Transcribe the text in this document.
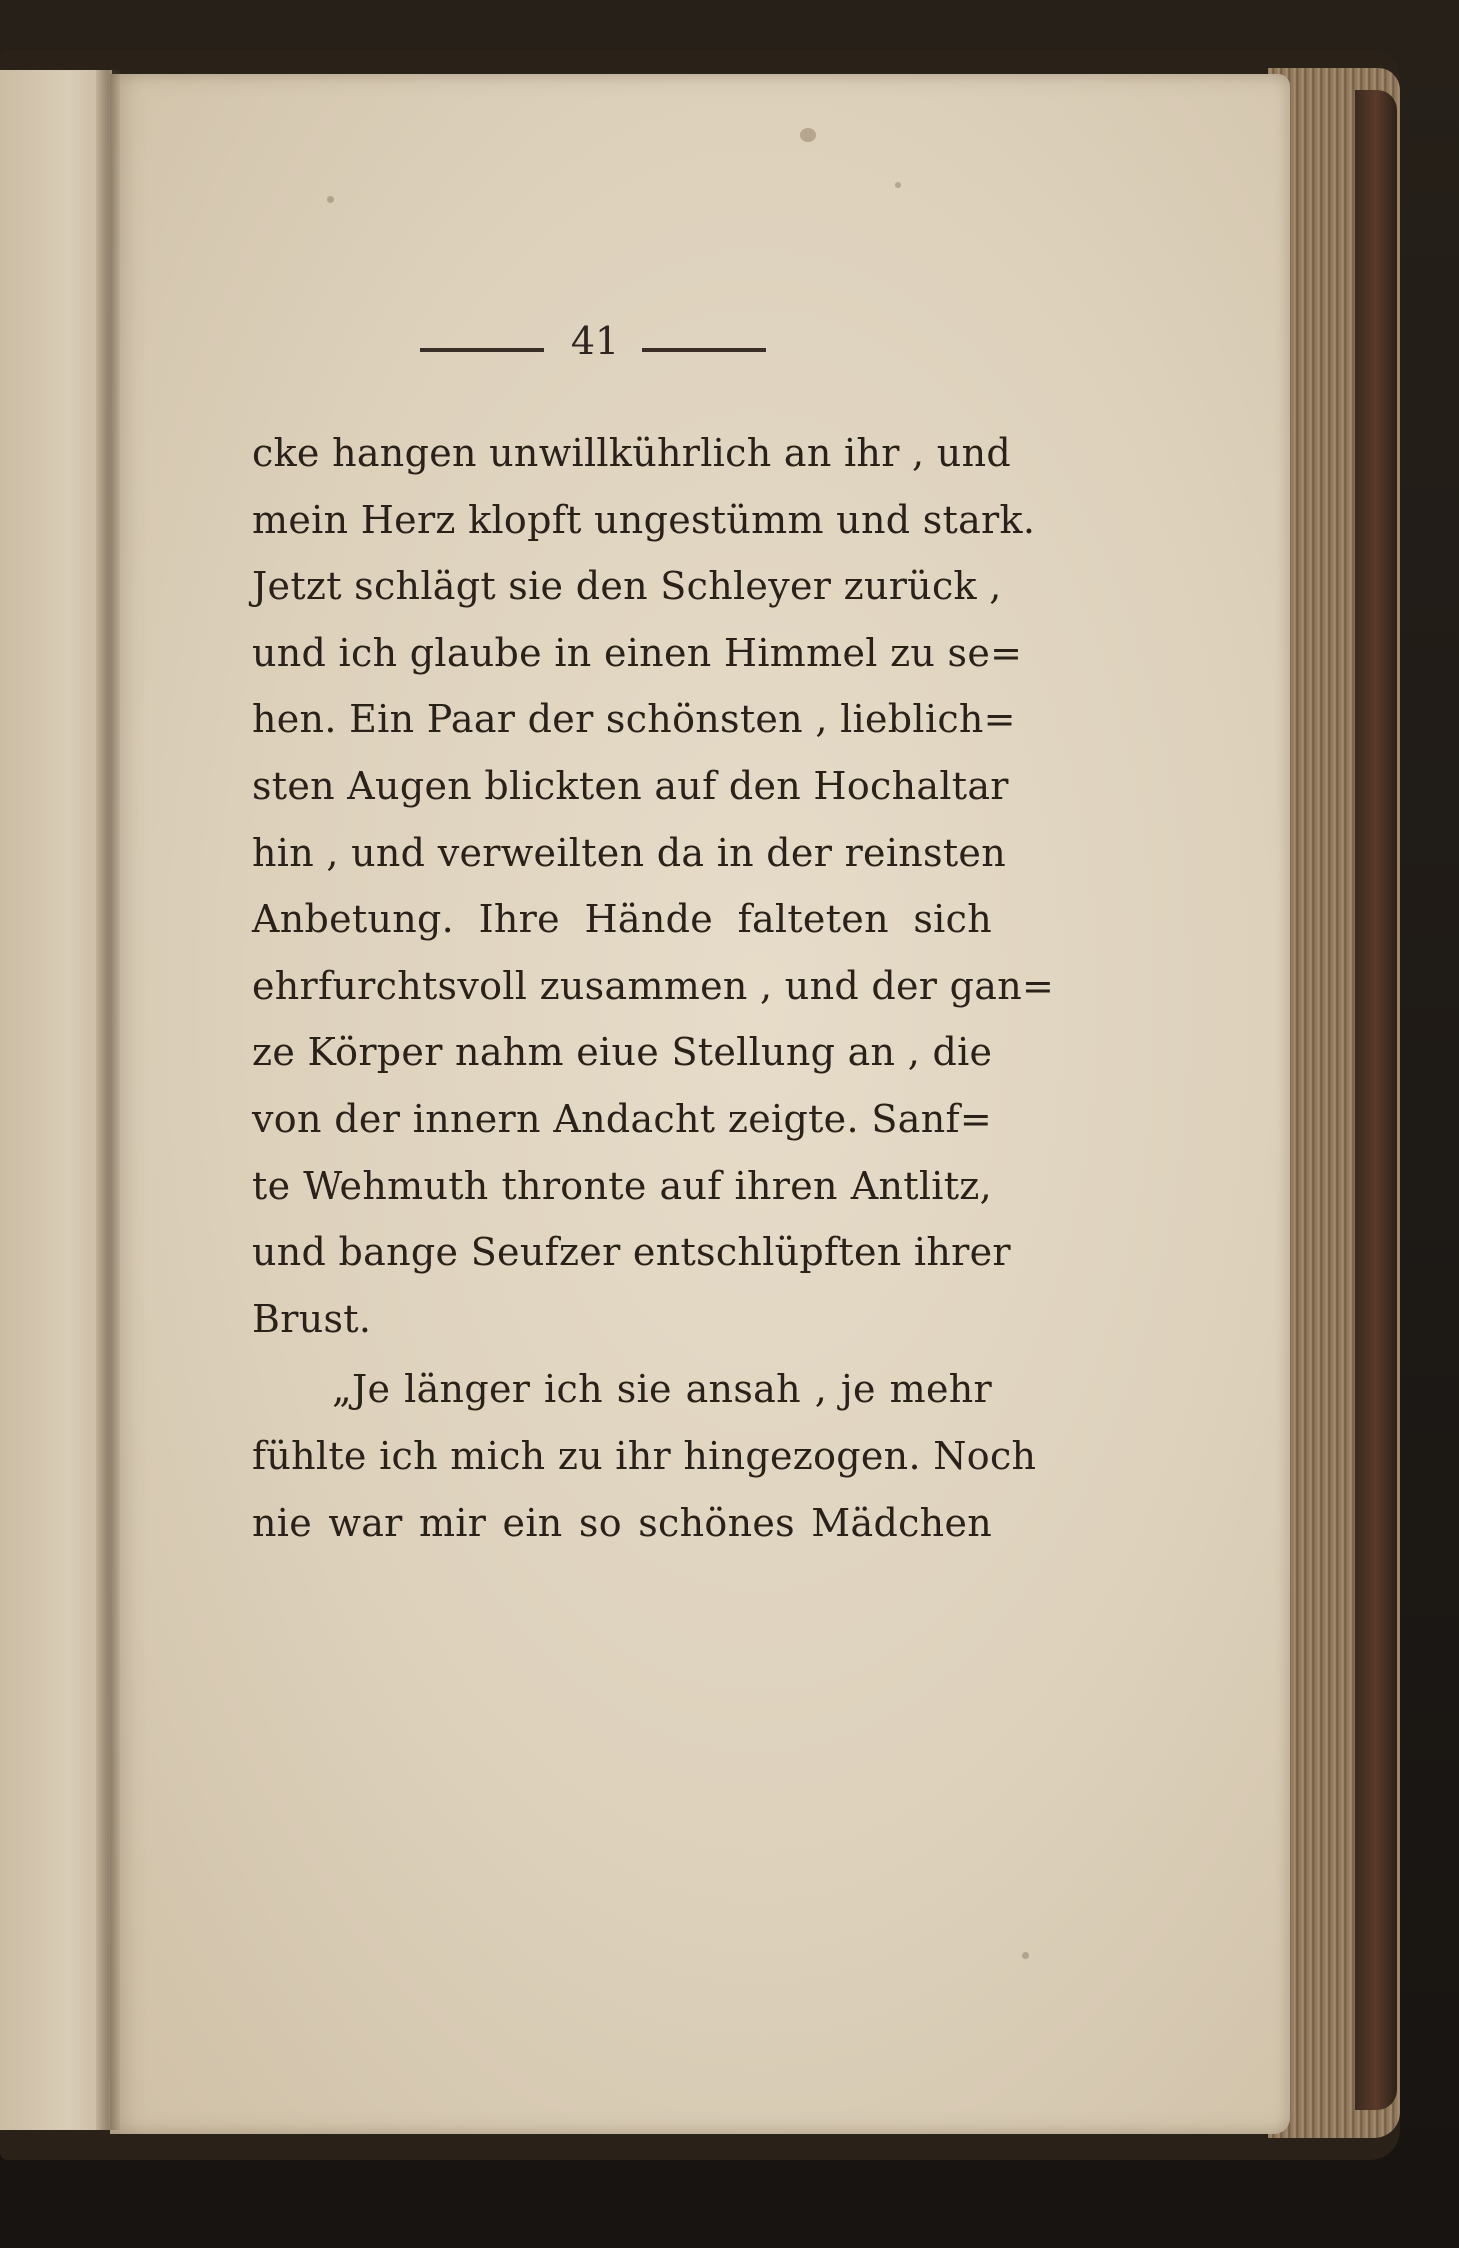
41
cke hangen unwillkührlich an ihr , und
mein Herz klopft ungestümm und stark.
Jetzt schlägt sie den Schleyer zurück ,
und ich glaube in einen Himmel zu se=
hen. Ein Paar der schönsten , lieblich=
sten Augen blickten auf den Hochaltar
hin , und verweilten da in der reinsten
Anbetung. Ihre Hände falteten sich
ehrfurchtsvoll zusammen , und der gan=
ze Körper nahm eiue Stellung an , die
von der innern Andacht zeigte. Sanf=
te Wehmuth thronte auf ihren Antlitz,
und bange Seufzer entschlüpften ihrer
Brust.
„Je länger ich sie ansah , je mehr
fühlte ich mich zu ihr hingezogen. Noch
nie war mir ein so schönes Mädchen
